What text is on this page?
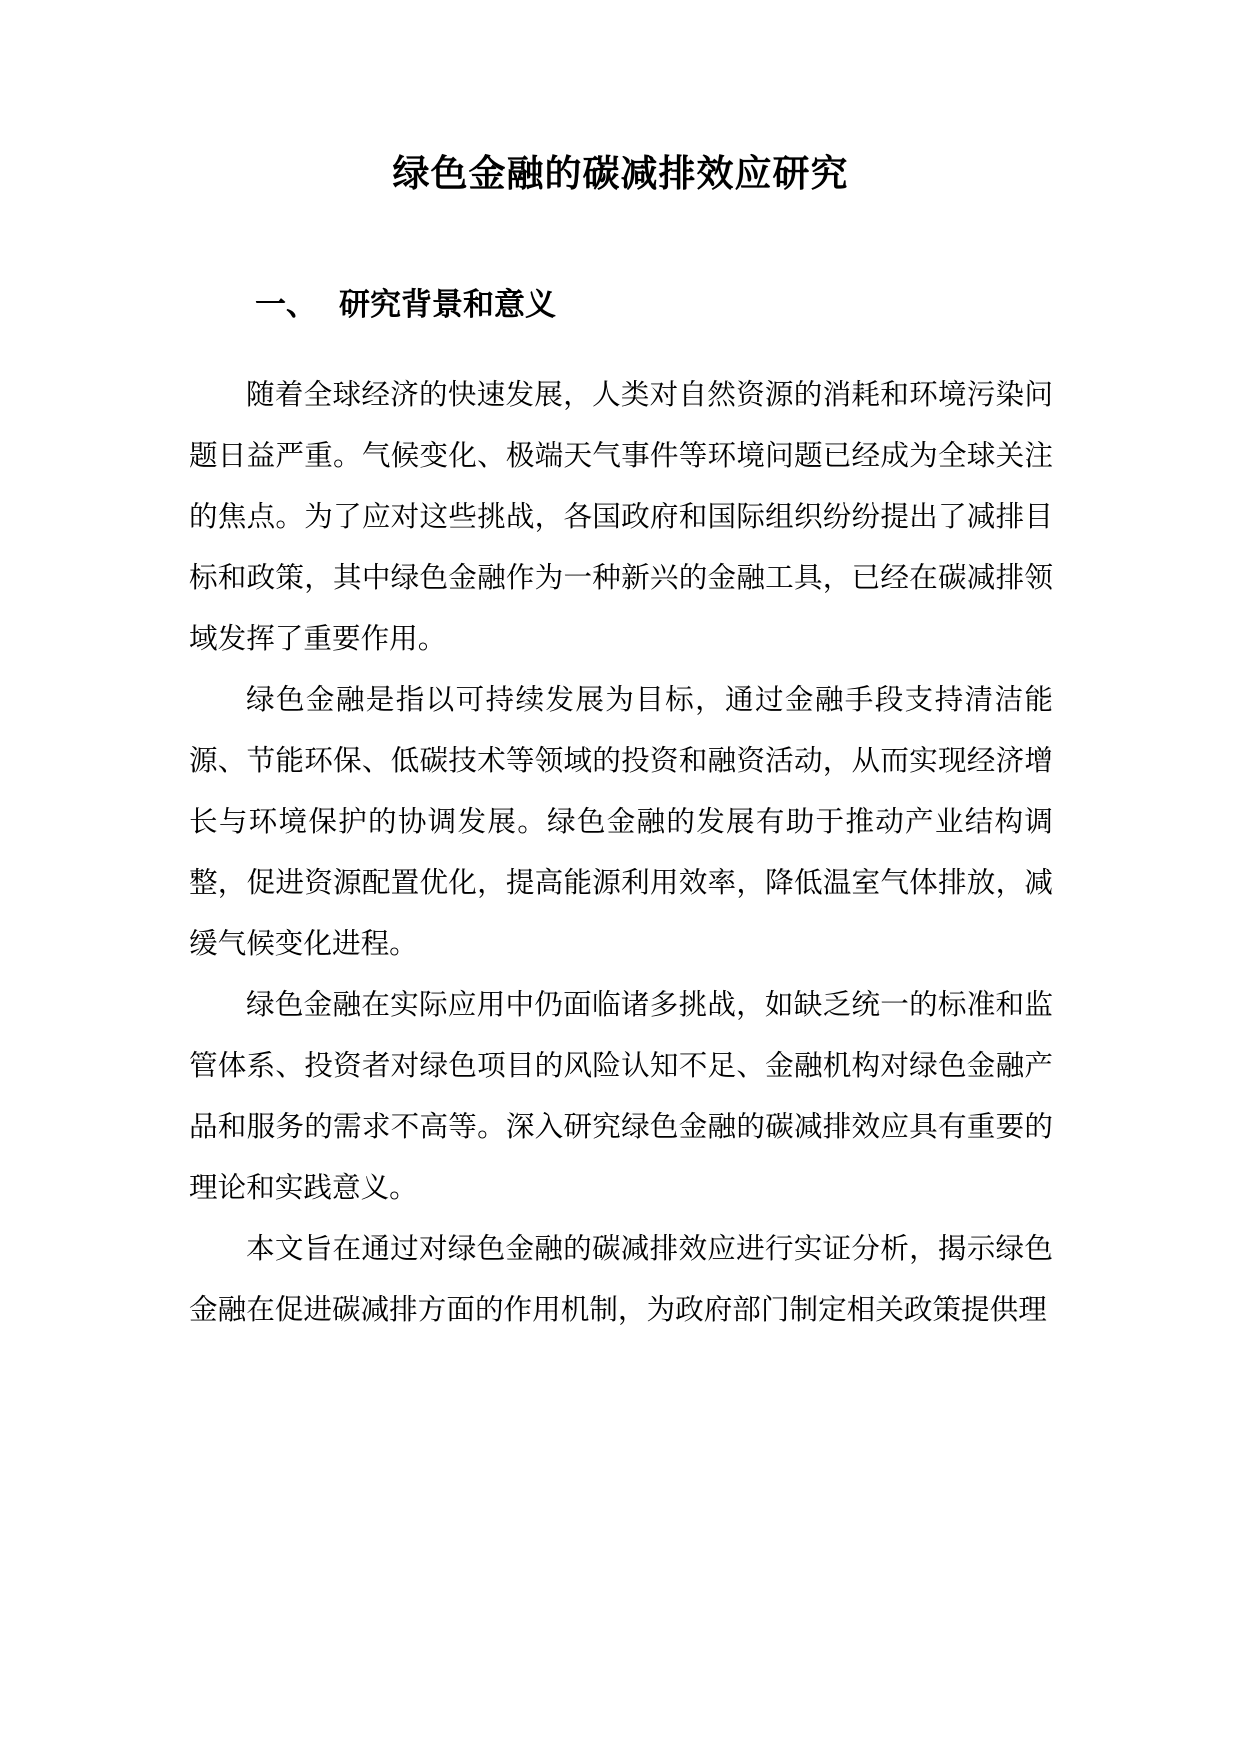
绿色金融的碳减排效应研究
一、 研究背景和意义

随着全球经济的快速发展，人类对自然资源的消耗和环境污染问题日益严重。气候变化、极端天气事件等环境问题已经成为全球关注的焦点。为了应对这些挑战，各国政府和国际组织纷纷提出了减排目标和政策，其中绿色金融作为一种新兴的金融工具，已经在碳减排领域发挥了重要作用。

绿色金融是指以可持续发展为目标，通过金融手段支持清洁能源、节能环保、低碳技术等领域的投资和融资活动，从而实现经济增长与环境保护的协调发展。绿色金融的发展有助于推动产业结构调整，促进资源配置优化，提高能源利用效率，降低温室气体排放，减缓气候变化进程。

绿色金融在实际应用中仍面临诸多挑战，如缺乏统一的标准和监管体系、投资者对绿色项目的风险认知不足、金融机构对绿色金融产品和服务的需求不高等。深入研究绿色金融的碳减排效应具有重要的理论和实践意义。

本文旨在通过对绿色金融的碳减排效应进行实证分析，揭示绿色金融在促进碳减排方面的作用机制，为政府部门制定相关政策提供理
